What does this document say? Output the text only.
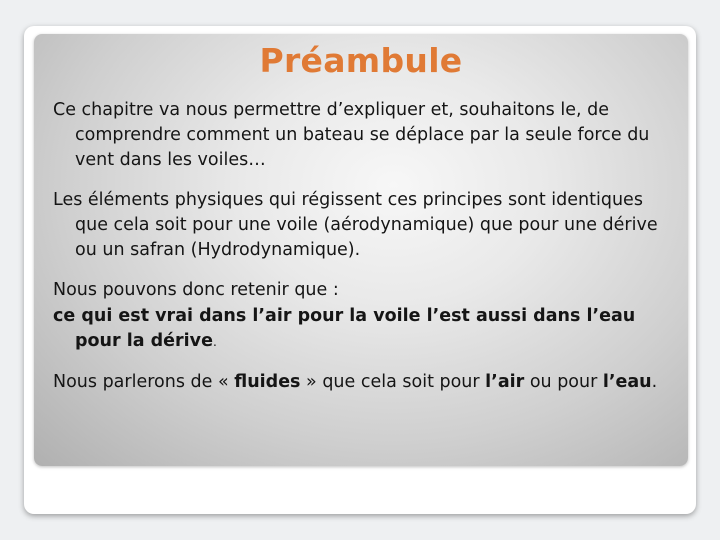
Préambule

Ce chapitre va nous permettre d’expliquer et, souhaitons le, de comprendre comment un bateau se déplace par la seule force du vent dans les voiles…

Les éléments physiques qui régissent ces principes sont identiques que cela soit pour une voile (aérodynamique) que pour une dérive ou un safran (Hydrodynamique).

Nous pouvons donc retenir que :

ce qui est vrai dans l’air pour la voile l’est aussi dans l’eau pour la dérive.

Nous parlerons de « fluides » que cela soit pour l’air ou pour l’eau.
